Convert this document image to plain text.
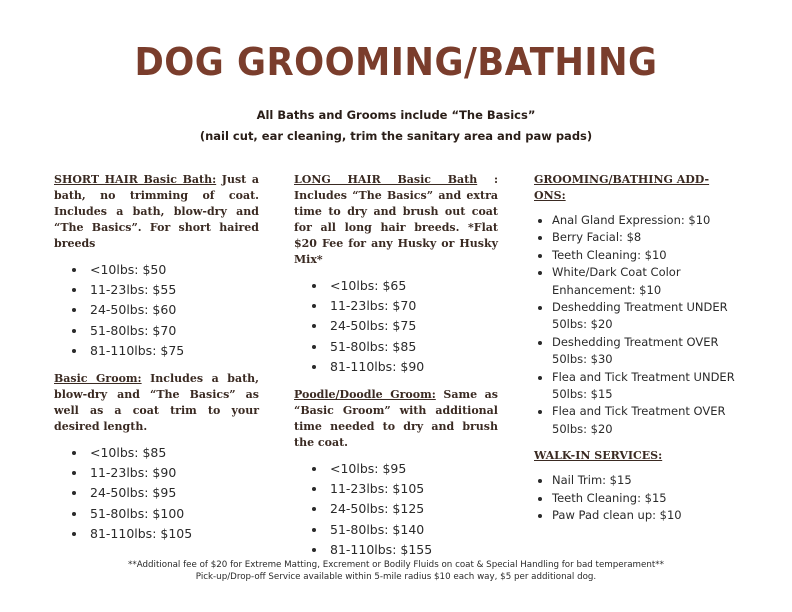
DOG GROOMING/BATHING
All Baths and Grooms include “The Basics”
(nail cut, ear cleaning, trim the sanitary area and paw pads)

SHORT HAIR Basic Bath: Just a bath, no trimming of coat. Includes a bath, blow-dry and “The Basics”. For short haired breeds

<10lbs: $50
11-23lbs: $55
24-50lbs: $60
51-80lbs: $70
81-110lbs: $75

Basic Groom: Includes a bath, blow-dry and “The Basics” as well as a coat trim to your desired length.

<10lbs: $85
11-23lbs: $90
24-50lbs: $95
51-80lbs: $100
81-110lbs: $105

LONG HAIR Basic Bath : Includes “The Basics” and extra time to dry and brush out coat for all long hair breeds. *Flat $20 Fee for any Husky or Husky Mix*

<10lbs: $65
11-23lbs: $70
24-50lbs: $75
51-80lbs: $85
81-110lbs: $90

Poodle/Doodle Groom: Same as “Basic Groom” with additional time needed to dry and brush the coat.

<10lbs: $95
11-23lbs: $105
24-50lbs: $125
51-80lbs: $140
81-110lbs: $155

GROOMING/BATHING ADD-ONS:

Anal Gland Expression: $10
Berry Facial: $8
Teeth Cleaning: $10
White/Dark Coat Color Enhancement: $10
Deshedding Treatment UNDER 50lbs: $20
Deshedding Treatment OVER 50lbs: $30
Flea and Tick Treatment UNDER 50lbs: $15
Flea and Tick Treatment OVER 50lbs: $20

WALK-IN SERVICES:

Nail Trim: $15
Teeth Cleaning: $15
Paw Pad clean up: $10
**Additional fee of $20 for Extreme Matting, Excrement or Bodily Fluids on coat & Special Handling for bad temperament**
Pick-up/Drop-off Service available within 5-mile radius $10 each way, $5 per additional dog.
